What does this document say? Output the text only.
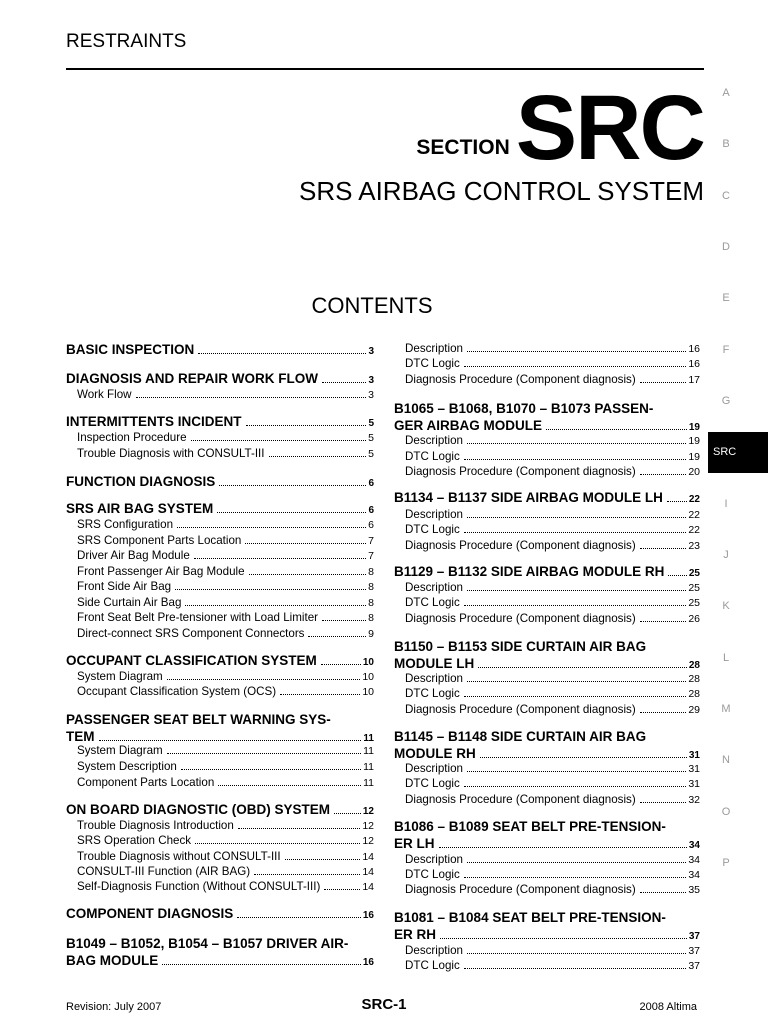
RESTRAINTS
SECTION SRC
SRS AIRBAG CONTROL SYSTEM
CONTENTS
BASIC INSPECTION	3
DIAGNOSIS AND REPAIR WORK FLOW	3
Work Flow	3
INTERMITTENTS INCIDENT	5
Inspection Procedure	5
Trouble Diagnosis with CONSULT-III	5
FUNCTION DIAGNOSIS	6
SRS AIR BAG SYSTEM	6
SRS Configuration	6
SRS Component Parts Location	7
Driver Air Bag Module	7
Front Passenger Air Bag Module	8
Front Side Air Bag	8
Side Curtain Air Bag	8
Front Seat Belt Pre-tensioner with Load Limiter	8
Direct-connect SRS Component Connectors	9
OCCUPANT CLASSIFICATION SYSTEM	10
System Diagram	10
Occupant Classification System (OCS)	10
PASSENGER SEAT BELT WARNING SYS-
TEM	11
System Diagram	11
System Description	11
Component Parts Location	11
ON BOARD DIAGNOSTIC (OBD) SYSTEM	12
Trouble Diagnosis Introduction	12
SRS Operation Check	12
Trouble Diagnosis without CONSULT-III	14
CONSULT-III Function (AIR BAG)	14
Self-Diagnosis Function (Without CONSULT-III)	14
COMPONENT DIAGNOSIS	16
B1049 – B1052, B1054 – B1057 DRIVER AIR-
BAG MODULE	16
Description	16
DTC Logic	16
Diagnosis Procedure (Component diagnosis)	17
B1065 – B1068, B1070 – B1073 PASSEN-
GER AIRBAG MODULE	19
Description	19
DTC Logic	19
Diagnosis Procedure (Component diagnosis)	20
B1134 – B1137 SIDE AIRBAG MODULE LH	22
Description	22
DTC Logic	22
Diagnosis Procedure (Component diagnosis)	23
B1129 – B1132 SIDE AIRBAG MODULE RH 25
Description	25
DTC Logic	25
Diagnosis Procedure (Component diagnosis)	26
B1150 – B1153 SIDE CURTAIN AIR BAG
MODULE LH	28
Description	28
DTC Logic	28
Diagnosis Procedure (Component diagnosis)	29
B1145 – B1148 SIDE CURTAIN AIR BAG
MODULE RH	31
Description	31
DTC Logic	31
Diagnosis Procedure (Component diagnosis)	32
B1086 – B1089 SEAT BELT PRE-TENSION-
ER LH	34
Description	34
DTC Logic	34
Diagnosis Procedure (Component diagnosis)	35
B1081 – B1084 SEAT BELT PRE-TENSION-
ER RH	37
Description	37
DTC Logic	37
A
B
C
D
E
F
G
SRC
I
J
K
L
M
N
O
P
Revision: July 2007	SRC-1	2008 Altima
